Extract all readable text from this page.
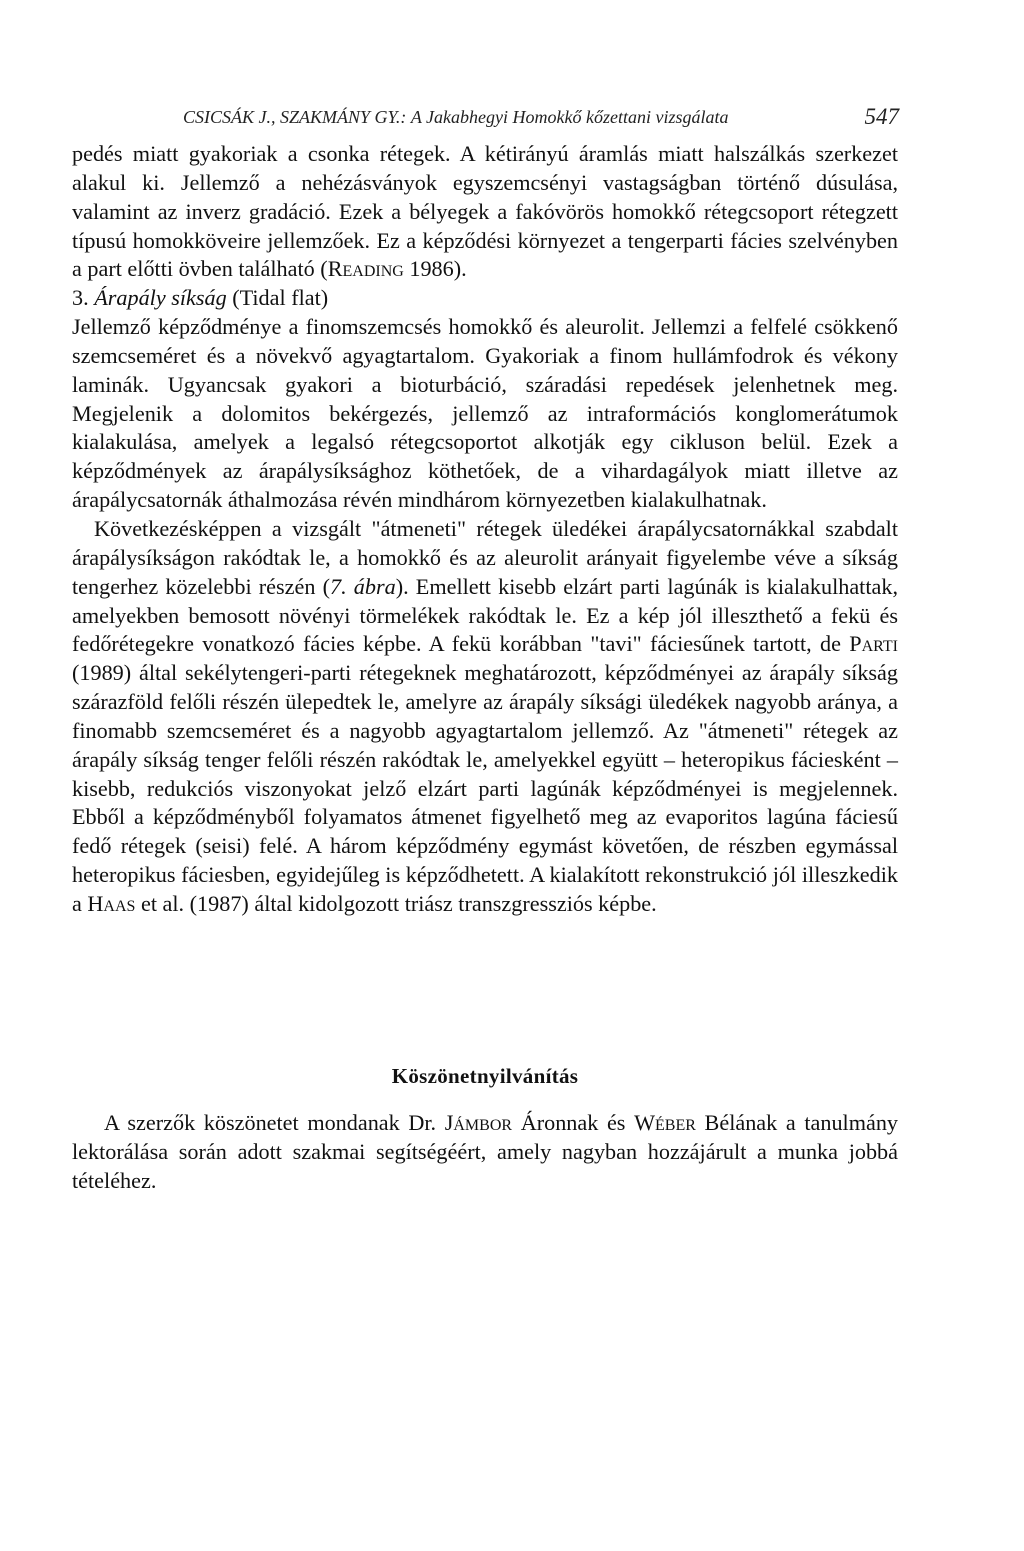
CSICSÁK J., SZAKMÁNY GY.: A Jakabhegyi Homokkő kőzettani vizsgálata	547

pedés miatt gyakoriak a csonka rétegek. A kétirányú áramlás miatt halszálkás szerkezet alakul ki. Jellemző a nehézásványok egyszemcsényi vastagságban történő dúsulása, valamint az inverz gradáció. Ezek a bélyegek a fakóvörös homokkő rétegcsoport rétegzett típusú homokköveire jellemzőek. Ez a képződési környezet a tengerparti fácies szelvényben a part előtti övben található (Reading 1986).

3. Árapály síkság (Tidal flat)

Jellemző képződménye a finomszemcsés homokkő és aleurolit. Jellemzi a felfelé csökkenő szemcseméret és a növekvő agyagtartalom. Gyakoriak a finom hullámfodrok és vékony laminák. Ugyancsak gyakori a bioturbáció, száradási repedések jelenhetnek meg. Megjelenik a dolomitos bekérgezés, jellemző az intraformációs konglomerátumok kialakulása, amelyek a legalsó rétegcsoportot alkotják egy cikluson belül. Ezek a képződmények az árapálysíksághoz köthetőek, de a vihardagályok miatt illetve az árapálycsatornák áthalmozása révén mindhárom környezetben kialakulhatnak.

Következésképpen a vizsgált "átmeneti" rétegek üledékei árapálycsatornákkal szabdalt árapálysíkságon rakódtak le, a homokkő és az aleurolit arányait figyelembe véve a síkság tengerhez közelebbi részén (7. ábra). Emellett kisebb elzárt parti lagúnák is kialakulhattak, amelyekben bemosott növényi törmelékek rakódtak le. Ez a kép jól illeszthető a fekü és fedőrétegekre vonatkozó fácies képbe. A fekü korábban "tavi" fáciesűnek tartott, de Parti (1989) által sekélytengeri-parti rétegeknek meghatározott, képződményei az árapály síkság szárazföld felőli részén ülepedtek le, amelyre az árapály síksági üledékek nagyobb aránya, a finomabb szemcseméret és a nagyobb agyagtartalom jellemző. Az "átmeneti" rétegek az árapály síkság tenger felőli részén rakódtak le, amelyekkel együtt – heteropikus fáciesként – kisebb, redukciós viszonyokat jelző elzárt parti lagúnák képződményei is megjelennek. Ebből a képződményből folyamatos átmenet figyelhető meg az evaporitos lagúna fáciesű fedő rétegek (seisi) felé. A három képződmény egymást követően, de részben egymással heteropikus fáciesben, egyidejűleg is képződhetett. A kialakított rekonstrukció jól illeszkedik a Haas et al. (1987) által kidolgozott triász transzgressziós képbe.

Köszönetnyilvánítás

A szerzők köszönetet mondanak Dr. Jámbor Áronnak és Wéber Bélának a tanulmány lektorálása során adott szakmai segítségéért, amely nagyban hozzájárult a munka jobbá tételéhez.
